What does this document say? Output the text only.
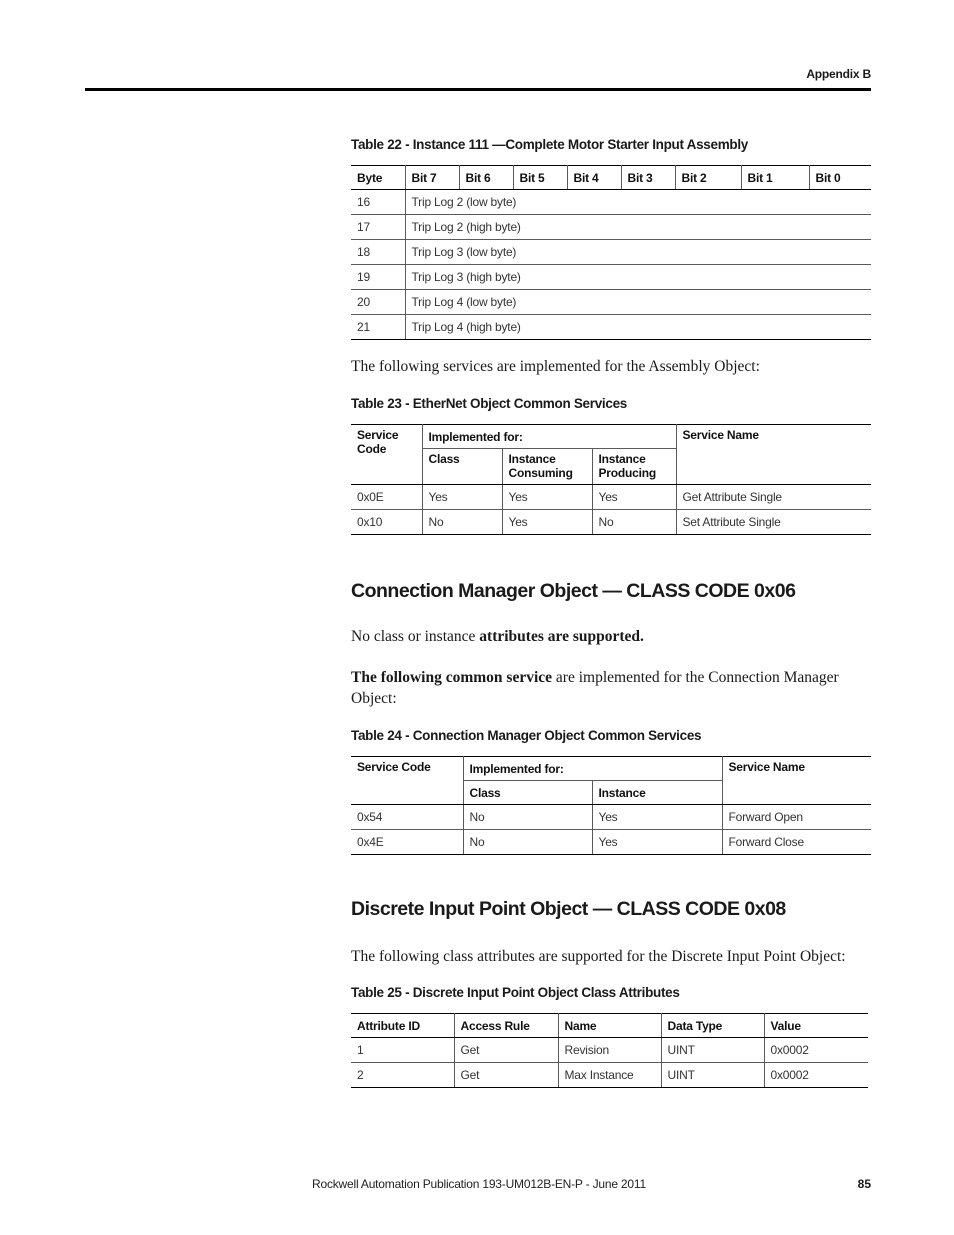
Appendix B
Table 22 - Instance 111 —Complete Motor Starter Input Assembly
Byte	Bit 7	Bit 6	Bit 5	Bit 4	Bit 3	Bit 2	Bit 1	Bit 0
16	Trip Log 2 (low byte)							
17	Trip Log 2 (high byte)							
18	Trip Log 3 (low byte)							
19	Trip Log 3 (high byte)							
20	Trip Log 4 (low byte)							
21	Trip Log 4 (high byte)							
The following services are implemented for the Assembly Object:
Table 23 - EtherNet Object Common Services
Service Code	Implemented for:			Service Name
	Class	Instance Consuming	Instance Producing	
0x0E	Yes	Yes	Yes	Get Attribute Single
0x10	No	Yes	No	Set Attribute Single
Connection Manager Object — CLASS CODE 0x06
No class or instance attributes are supported.
The following common service are implemented for the Connection Manager Object:
Table 24 - Connection Manager Object Common Services
Service Code	Implemented for:		Service Name
	Class	Instance	
0x54	No	Yes	Forward Open
0x4E	No	Yes	Forward Close
Discrete Input Point Object — CLASS CODE 0x08
The following class attributes are supported for the Discrete Input Point Object:
Table 25 - Discrete Input Point Object Class Attributes
Attribute ID	Access Rule	Name	Data Type	Value
1	Get	Revision	UINT	0x0002
2	Get	Max Instance	UINT	0x0002
Rockwell Automation Publication 193-UM012B-EN-P - June 2011	85
